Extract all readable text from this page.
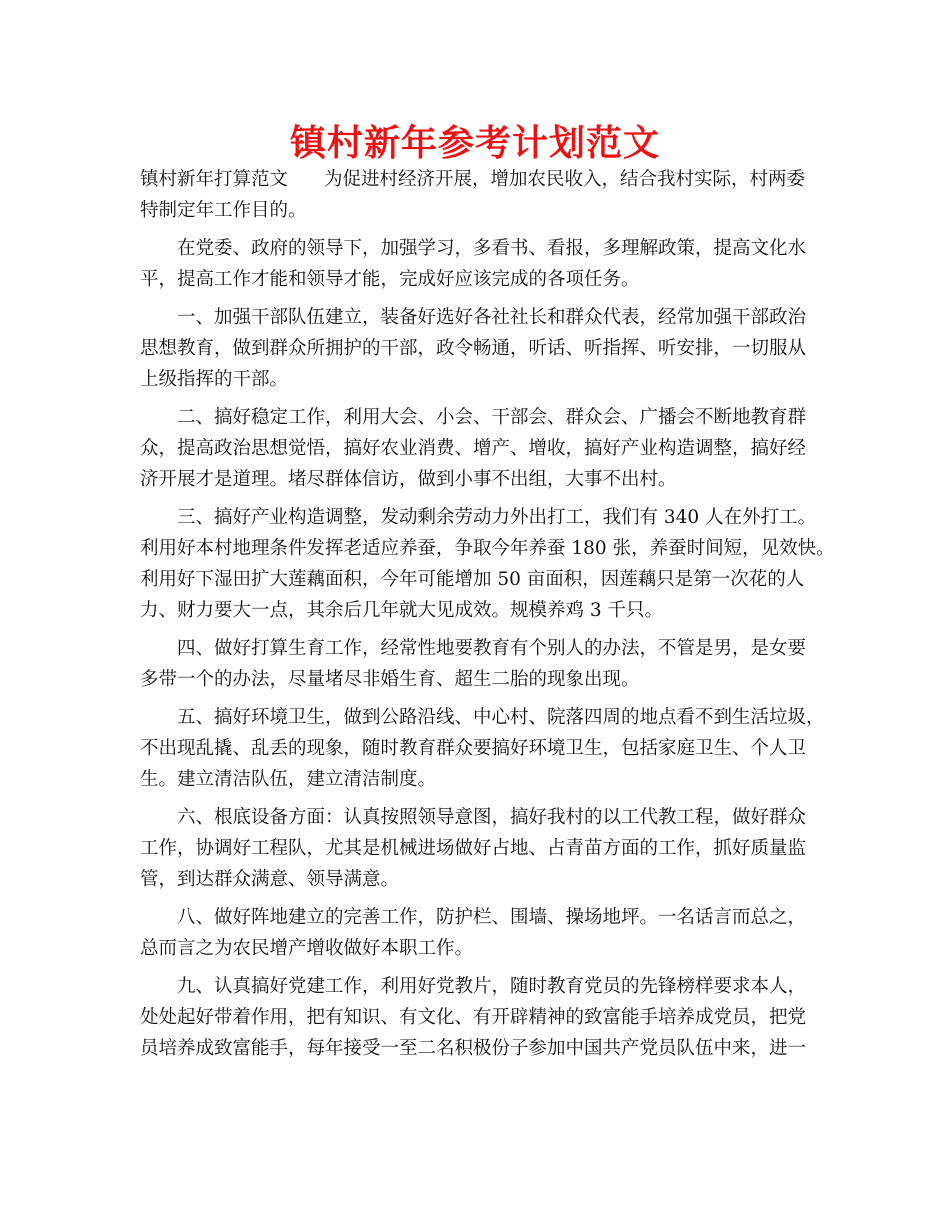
镇村新年参考计划范文
镇村新年打算范文 为促进村经济开展，增加农民收入，结合我村实际，村两委
特制定年工作目的。
在党委、政府的领导下，加强学习，多看书、看报，多理解政策，提高文化水
平，提高工作才能和领导才能，完成好应该完成的各项任务。
一、加强干部队伍建立，装备好选好各社社长和群众代表，经常加强干部政治
思想教育，做到群众所拥护的干部，政令畅通，听话、听指挥、听安排，一切服从
上级指挥的干部。
二、搞好稳定工作，利用大会、小会、干部会、群众会、广播会不断地教育群
众，提高政治思想觉悟，搞好农业消费、增产、增收，搞好产业构造调整，搞好经
济开展才是道理。堵尽群体信访，做到小事不出组，大事不出村。
三、搞好产业构造调整，发动剩余劳动力外出打工，我们有 340 人在外打工。
利用好本村地理条件发挥老适应养蚕，争取今年养蚕 180 张，养蚕时间短，见效快。
利用好下湿田扩大莲藕面积，今年可能增加 50 亩面积，因莲藕只是第一次花的人
力、财力要大一点，其余后几年就大见成效。规模养鸡 3 千只。
四、做好打算生育工作，经常性地要教育有个别人的办法，不管是男，是女要
多带一个的办法，尽量堵尽非婚生育、超生二胎的现象出现。
五、搞好环境卫生，做到公路沿线、中心村、院落四周的地点看不到生活垃圾，
不出现乱撬、乱丢的现象，随时教育群众要搞好环境卫生，包括家庭卫生、个人卫
生。建立清洁队伍，建立清洁制度。
六、根底设备方面：认真按照领导意图，搞好我村的以工代教工程，做好群众
工作，协调好工程队，尤其是机械进场做好占地、占青苗方面的工作，抓好质量监
管，到达群众满意、领导满意。
八、做好阵地建立的完善工作，防护栏、围墙、操场地坪。一名话言而总之，
总而言之为农民增产增收做好本职工作。
九、认真搞好党建工作，利用好党教片，随时教育党员的先锋榜样要求本人，
处处起好带着作用，把有知识、有文化、有开辟精神的致富能手培养成党员，把党
员培养成致富能手，每年接受一至二名积极份子参加中国共产党员队伍中来，进一
